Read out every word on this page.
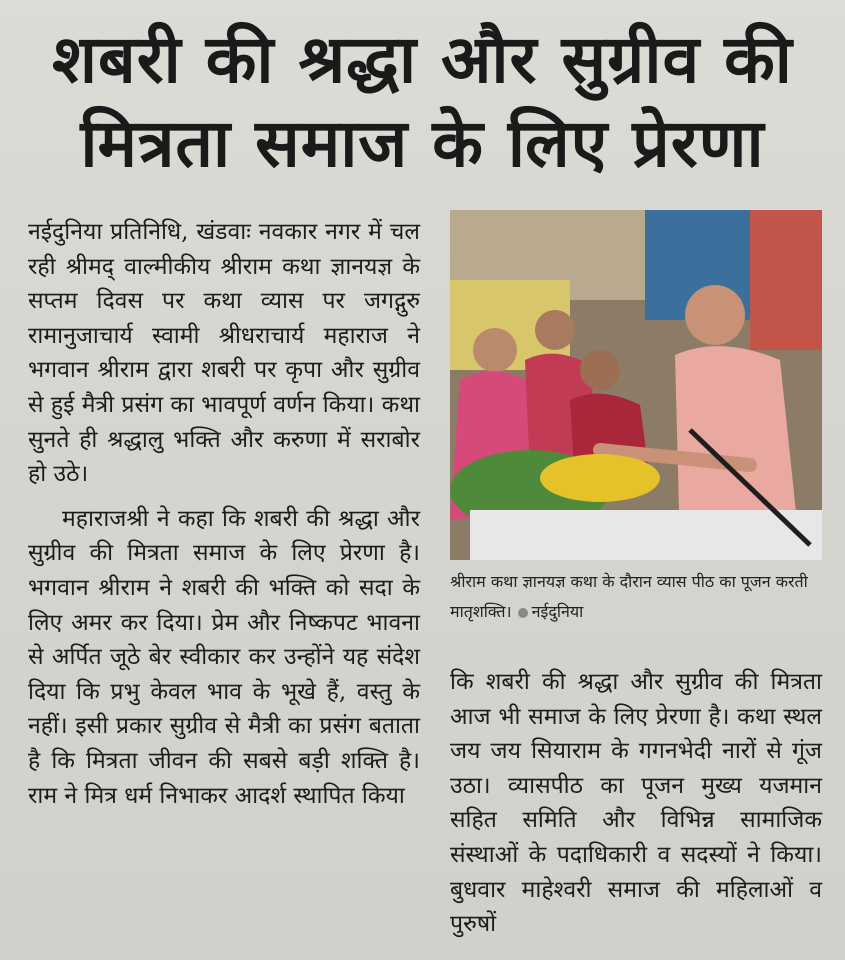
शबरी की श्रद्धा और सुग्रीव की
मित्रता समाज के लिए प्रेरणा

नईदुनिया प्रतिनिधि, खंडवाः नवकार नगर में चल रही श्रीमद् वाल्मीकीय श्रीराम कथा ज्ञानयज्ञ के सप्तम दिवस पर कथा व्यास पर जगद्गुरु रामानुजाचार्य स्वामी श्रीधराचार्य महाराज ने भगवान श्रीराम द्वारा शबरी पर कृपा और सुग्रीव से हुई मैत्री प्रसंग का भावपूर्ण वर्णन किया। कथा सुनते ही श्रद्धालु भक्ति और करुणा में सराबोर हो उठे।

महाराजश्री ने कहा कि शबरी की श्रद्धा और सुग्रीव की मित्रता समाज के लिए प्रेरणा है। भगवान श्रीराम ने शबरी की भक्ति को सदा के लिए अमर कर दिया। प्रेम और निष्कपट भावना से अर्पित जूठे बेर स्वीकार कर उन्होंने यह संदेश दिया कि प्रभु केवल भाव के भूखे हैं, वस्तु के नहीं। इसी प्रकार सुग्रीव से मैत्री का प्रसंग बताता है कि मित्रता जीवन की सबसे बड़ी शक्ति है। राम ने मित्र धर्म निभाकर आदर्श स्थापित किया

श्रीराम कथा ज्ञानयज्ञ कथा के दौरान व्यास पीठ का पूजन करती मातृशक्ति। नईदुनिया

कि शबरी की श्रद्धा और सुग्रीव की मित्रता आज भी समाज के लिए प्रेरणा है। कथा स्थल जय जय सियाराम के गगनभेदी नारों से गूंज उठा। व्यासपीठ का पूजन मुख्य यजमान सहित समिति और विभिन्न सामाजिक संस्थाओं के पदाधिकारी व सदस्यों ने किया। बुधवार माहेश्वरी समाज की महिलाओं व पुरुषों
